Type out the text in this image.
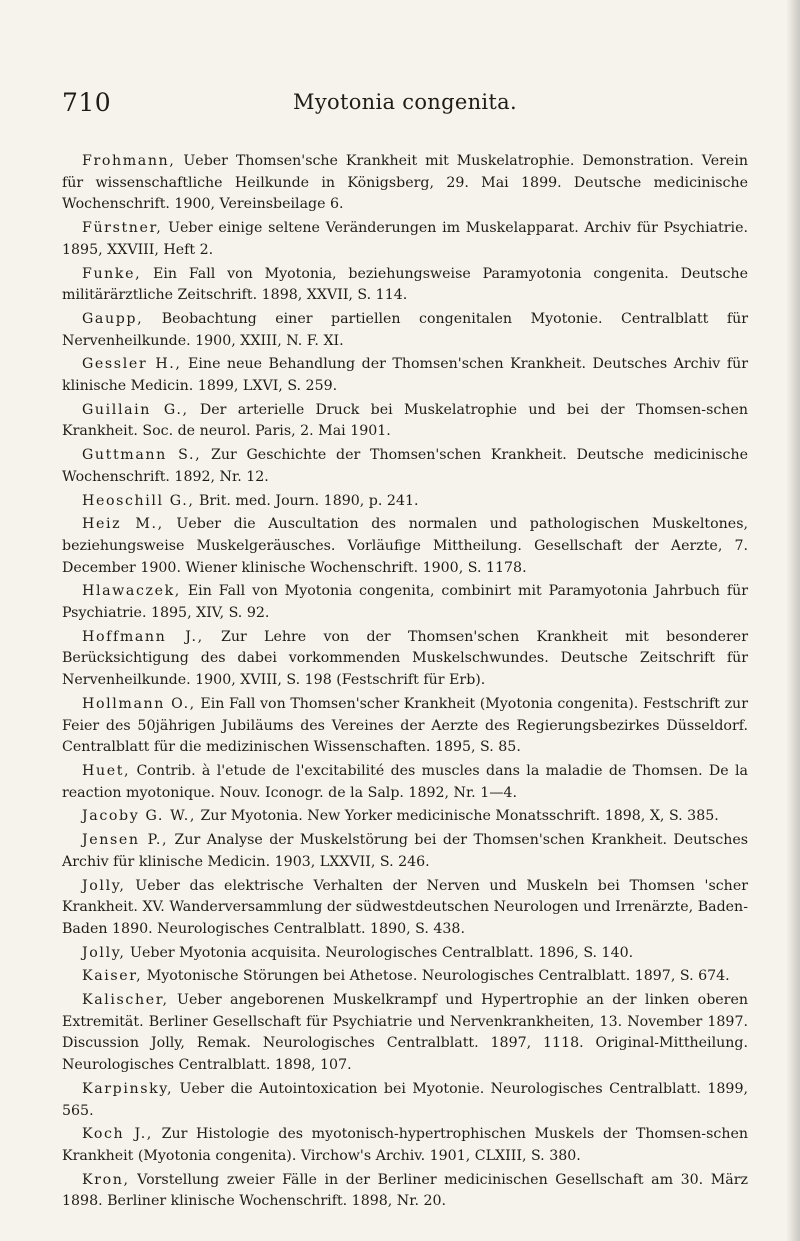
710	Myotonia congenita.

Frohmann, Ueber Thomsen'sche Krankheit mit Muskelatrophie. Demonstration. Verein für wissenschaftliche Heilkunde in Königsberg, 29. Mai 1899. Deutsche medicinische Wochenschrift. 1900, Vereinsbeilage 6.

Fürstner, Ueber einige seltene Veränderungen im Muskelapparat. Archiv für Psychiatrie. 1895, XXVIII, Heft 2.

Funke, Ein Fall von Myotonia, beziehungsweise Paramyotonia congenita. Deutsche militärärztliche Zeitschrift. 1898, XXVII, S. 114.

Gaupp, Beobachtung einer partiellen congenitalen Myotonie. Centralblatt für Nervenheilkunde. 1900, XXIII, N. F. XI.

Gessler H., Eine neue Behandlung der Thomsen'schen Krankheit. Deutsches Archiv für klinische Medicin. 1899, LXVI, S. 259.

Guillain G., Der arterielle Druck bei Muskelatrophie und bei der Thomsen-schen Krankheit. Soc. de neurol. Paris, 2. Mai 1901.

Guttmann S., Zur Geschichte der Thomsen'schen Krankheit. Deutsche medicinische Wochenschrift. 1892, Nr. 12.

Heoschill G., Brit. med. Journ. 1890, p. 241.

Heiz M., Ueber die Auscultation des normalen und pathologischen Muskeltones, beziehungsweise Muskelgeräusches. Vorläufige Mittheilung. Gesellschaft der Aerzte, 7. December 1900. Wiener klinische Wochenschrift. 1900, S. 1178.

Hlawaczek, Ein Fall von Myotonia congenita, combinirt mit Paramyotonia Jahrbuch für Psychiatrie. 1895, XIV, S. 92.

Hoffmann J., Zur Lehre von der Thomsen'schen Krankheit mit besonderer Berücksichtigung des dabei vorkommenden Muskelschwundes. Deutsche Zeitschrift für Nervenheilkunde. 1900, XVIII, S. 198 (Festschrift für Erb).

Hollmann O., Ein Fall von Thomsen'scher Krankheit (Myotonia congenita). Festschrift zur Feier des 50jährigen Jubiläums des Vereines der Aerzte des Regierungsbezirkes Düsseldorf. Centralblatt für die medizinischen Wissenschaften. 1895, S. 85.

Huet, Contrib. à l'etude de l'excitabilité des muscles dans la maladie de Thomsen. De la reaction myotonique. Nouv. Iconogr. de la Salp. 1892, Nr. 1—4.

Jacoby G. W., Zur Myotonia. New Yorker medicinische Monatsschrift. 1898, X, S. 385.

Jensen P., Zur Analyse der Muskelstörung bei der Thomsen'schen Krankheit. Deutsches Archiv für klinische Medicin. 1903, LXXVII, S. 246.

Jolly, Ueber das elektrische Verhalten der Nerven und Muskeln bei Thomsen 'scher Krankheit. XV. Wanderversammlung der südwestdeutschen Neurologen und Irrenärzte, Baden-Baden 1890. Neurologisches Centralblatt. 1890, S. 438.

Jolly, Ueber Myotonia acquisita. Neurologisches Centralblatt. 1896, S. 140.

Kaiser, Myotonische Störungen bei Athetose. Neurologisches Centralblatt. 1897, S. 674.

Kalischer, Ueber angeborenen Muskelkrampf und Hypertrophie an der linken oberen Extremität. Berliner Gesellschaft für Psychiatrie und Nervenkrankheiten, 13. November 1897. Discussion Jolly, Remak. Neurologisches Centralblatt. 1897, 1118. Original-Mittheilung. Neurologisches Centralblatt. 1898, 107.

Karpinsky, Ueber die Autointoxication bei Myotonie. Neurologisches Centralblatt. 1899, 565.

Koch J., Zur Histologie des myotonisch-hypertrophischen Muskels der Thomsen-schen Krankheit (Myotonia congenita). Virchow's Archiv. 1901, CLXIII, S. 380.

Kron, Vorstellung zweier Fälle in der Berliner medicinischen Gesellschaft am 30. März 1898. Berliner klinische Wochenschrift. 1898, Nr. 20.
